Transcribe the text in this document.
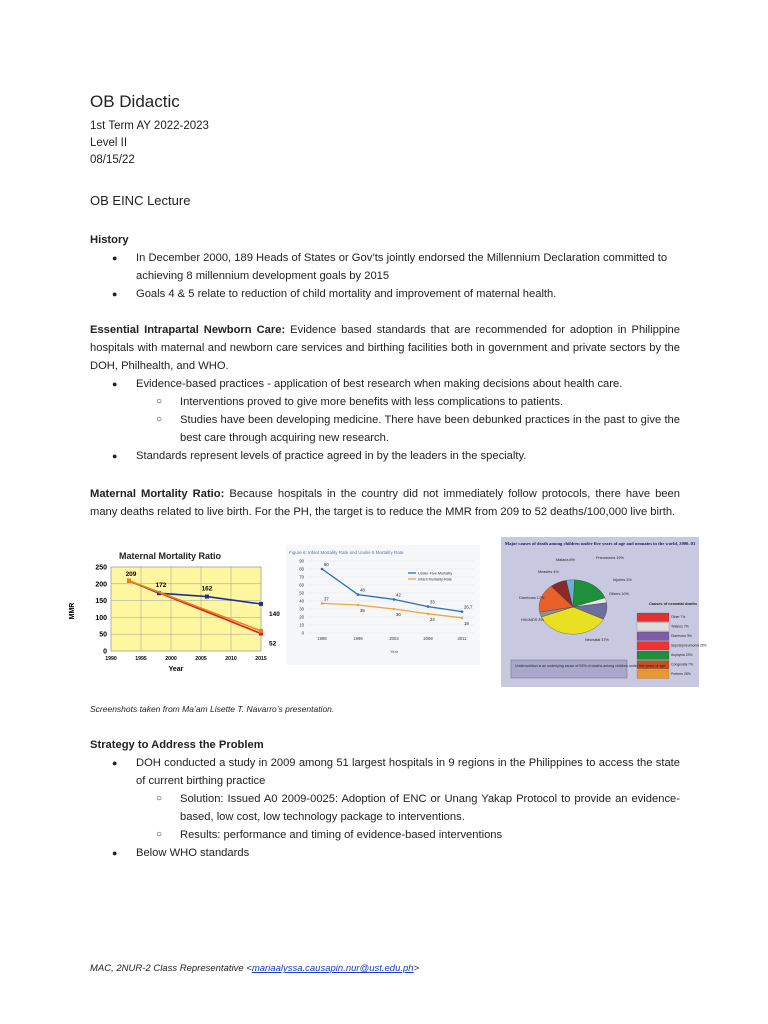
OB Didactic
1st Term AY 2022-2023
Level II
08/15/22
OB EINC Lecture
History
● In December 2000, 189 Heads of States or Gov’ts jointly endorsed the Millennium Declaration committed to achieving 8 millennium development goals by 2015
● Goals 4 & 5 relate to reduction of child mortality and improvement of maternal health.

Essential Intrapartal Newborn Care: Evidence based standards that are recommended for adoption in Philippine hospitals with maternal and newborn care services and birthing facilities both in government and private sectors by the DOH, Philhealth, and WHO.

● Evidence-based practices - application of best research when making decisions about health care.
○ Interventions proved to give more benefits with less complications to patients.
○ Studies have been developing medicine. There have been debunked practices in the past to give the best care through acquiring new research.
● Standards represent levels of practice agreed in by the leaders in the specialty.

Maternal Mortality Ratio: Because hospitals in the country did not immediately follow protocols, there have been many deaths related to live birth. For the PH, the target is to reduce the MMR from 209 to 52 deaths/100,000 live birth.

Strategy to Address the Problem
● DOH conducted a study in 2009 among 51 largest hospitals in 9 regions in the Philippines to access the state of current birthing practice
○ Solution: Issued A0 2009-0025: Adoption of ENC or Unang Yakap Protocol to provide an evidence-based, low cost, low technology package to interventions.
○ Results: performance and timing of evidence-based interventions
● Below WHO standards
Maternal Mortality Ratio
0
50
100
150
200
250
1990	1995	2000	2005	2010	2015
209
172	162
140
52
MMR
Year
Figure 6: Infant Mortality Rate and Under-5 Mortality Rate
0
10
20
30
40
50
60
70
80
90
1998	1998	2003	2008	2011
80
37
48
35
42
30
33
24
26.7
19
Under-Five Mortality
Infant Mortality Rate
Year
Major causes of death among children under five years of age and neonates in the world, 2000–03
Malaria 8%
Measles 4%
Pneumonia 19%
Injuries 3%
Others 10%
Neonatal 37%
HIV/AIDS 3%
Diarrhoea 17%
Causes of neonatal deaths
Other 7%
Tetanus 7%
Diarrhoea 3%
Sepsis/pneumonia 26%
Asphyxia 23%
Congenital 7%
Preterm 28%
Undernutrition is an underlying cause of 53% of deaths among children under five years of age.
Screenshots taken from Ma’am Lisette T. Navarro’s presentation.
MAC, 2NUR-2 Class Representative <mariaalyssa.causapin.nur@ust.edu.ph>
